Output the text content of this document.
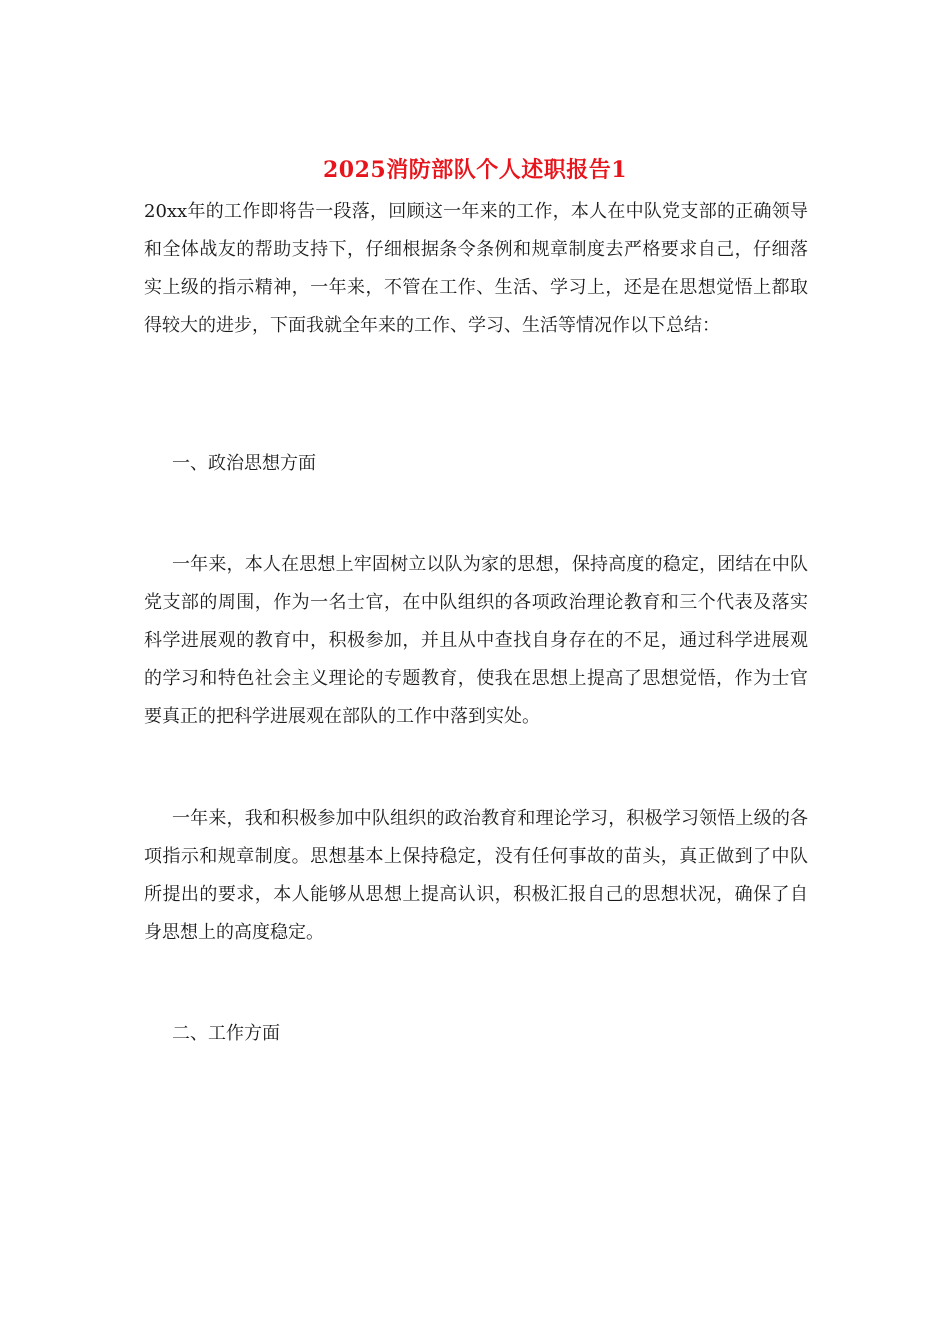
2025消防部队个人述职报告1

20xx年的工作即将告一段落，回顾这一年来的工作，本人在中队党支部的正确领导和全体战友的帮助支持下，仔细根据条令条例和规章制度去严格要求自己，仔细落实上级的指示精神，一年来，不管在工作、生活、学习上，还是在思想觉悟上都取得较大的进步，下面我就全年来的工作、学习、生活等情况作以下总结：

一、政治思想方面

一年来，本人在思想上牢固树立以队为家的思想，保持高度的稳定，团结在中队党支部的周围，作为一名士官，在中队组织的各项政治理论教育和三个代表及落实科学进展观的教育中，积极参加，并且从中查找自身存在的不足，通过科学进展观的学习和特色社会主义理论的专题教育，使我在思想上提高了思想觉悟，作为士官要真正的把科学进展观在部队的工作中落到实处。

一年来，我和积极参加中队组织的政治教育和理论学习，积极学习领悟上级的各项指示和规章制度。思想基本上保持稳定，没有任何事故的苗头，真正做到了中队所提出的要求，本人能够从思想上提高认识，积极汇报自己的思想状况，确保了自身思想上的高度稳定。

二、工作方面
